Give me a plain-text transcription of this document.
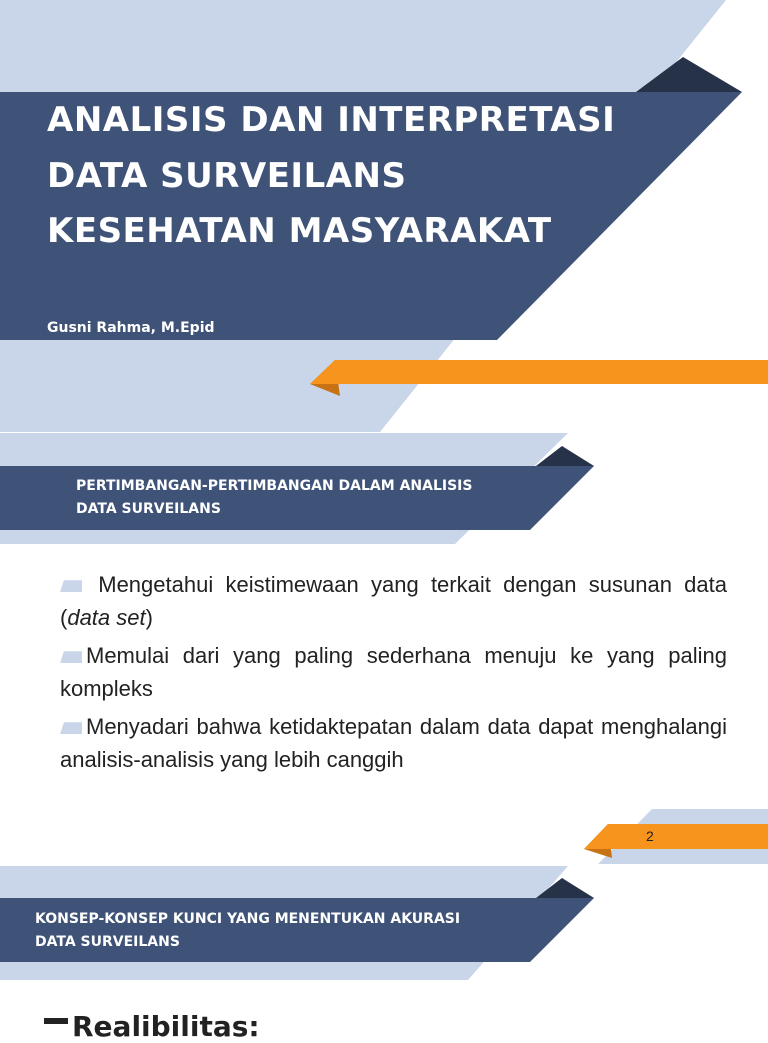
ANALISIS DAN INTERPRETASI
DATA SURVEILANS
KESEHATAN MASYARAKAT
Gusni Rahma, M.Epid
PERTIMBANGAN-PERTIMBANGAN DALAM ANALISIS
DATA SURVEILANS

Mengetahui keistimewaan yang terkait dengan susunan data (data set)

Memulai dari yang paling sederhana menuju ke yang paling kompleks

Menyadari bahwa ketidaktepatan dalam data dapat menghalangi analisis-analisis yang lebih canggih

2
KONSEP-KONSEP KUNCI YANG MENENTUKAN AKURASI
DATA SURVEILANS
Realibilitas:
